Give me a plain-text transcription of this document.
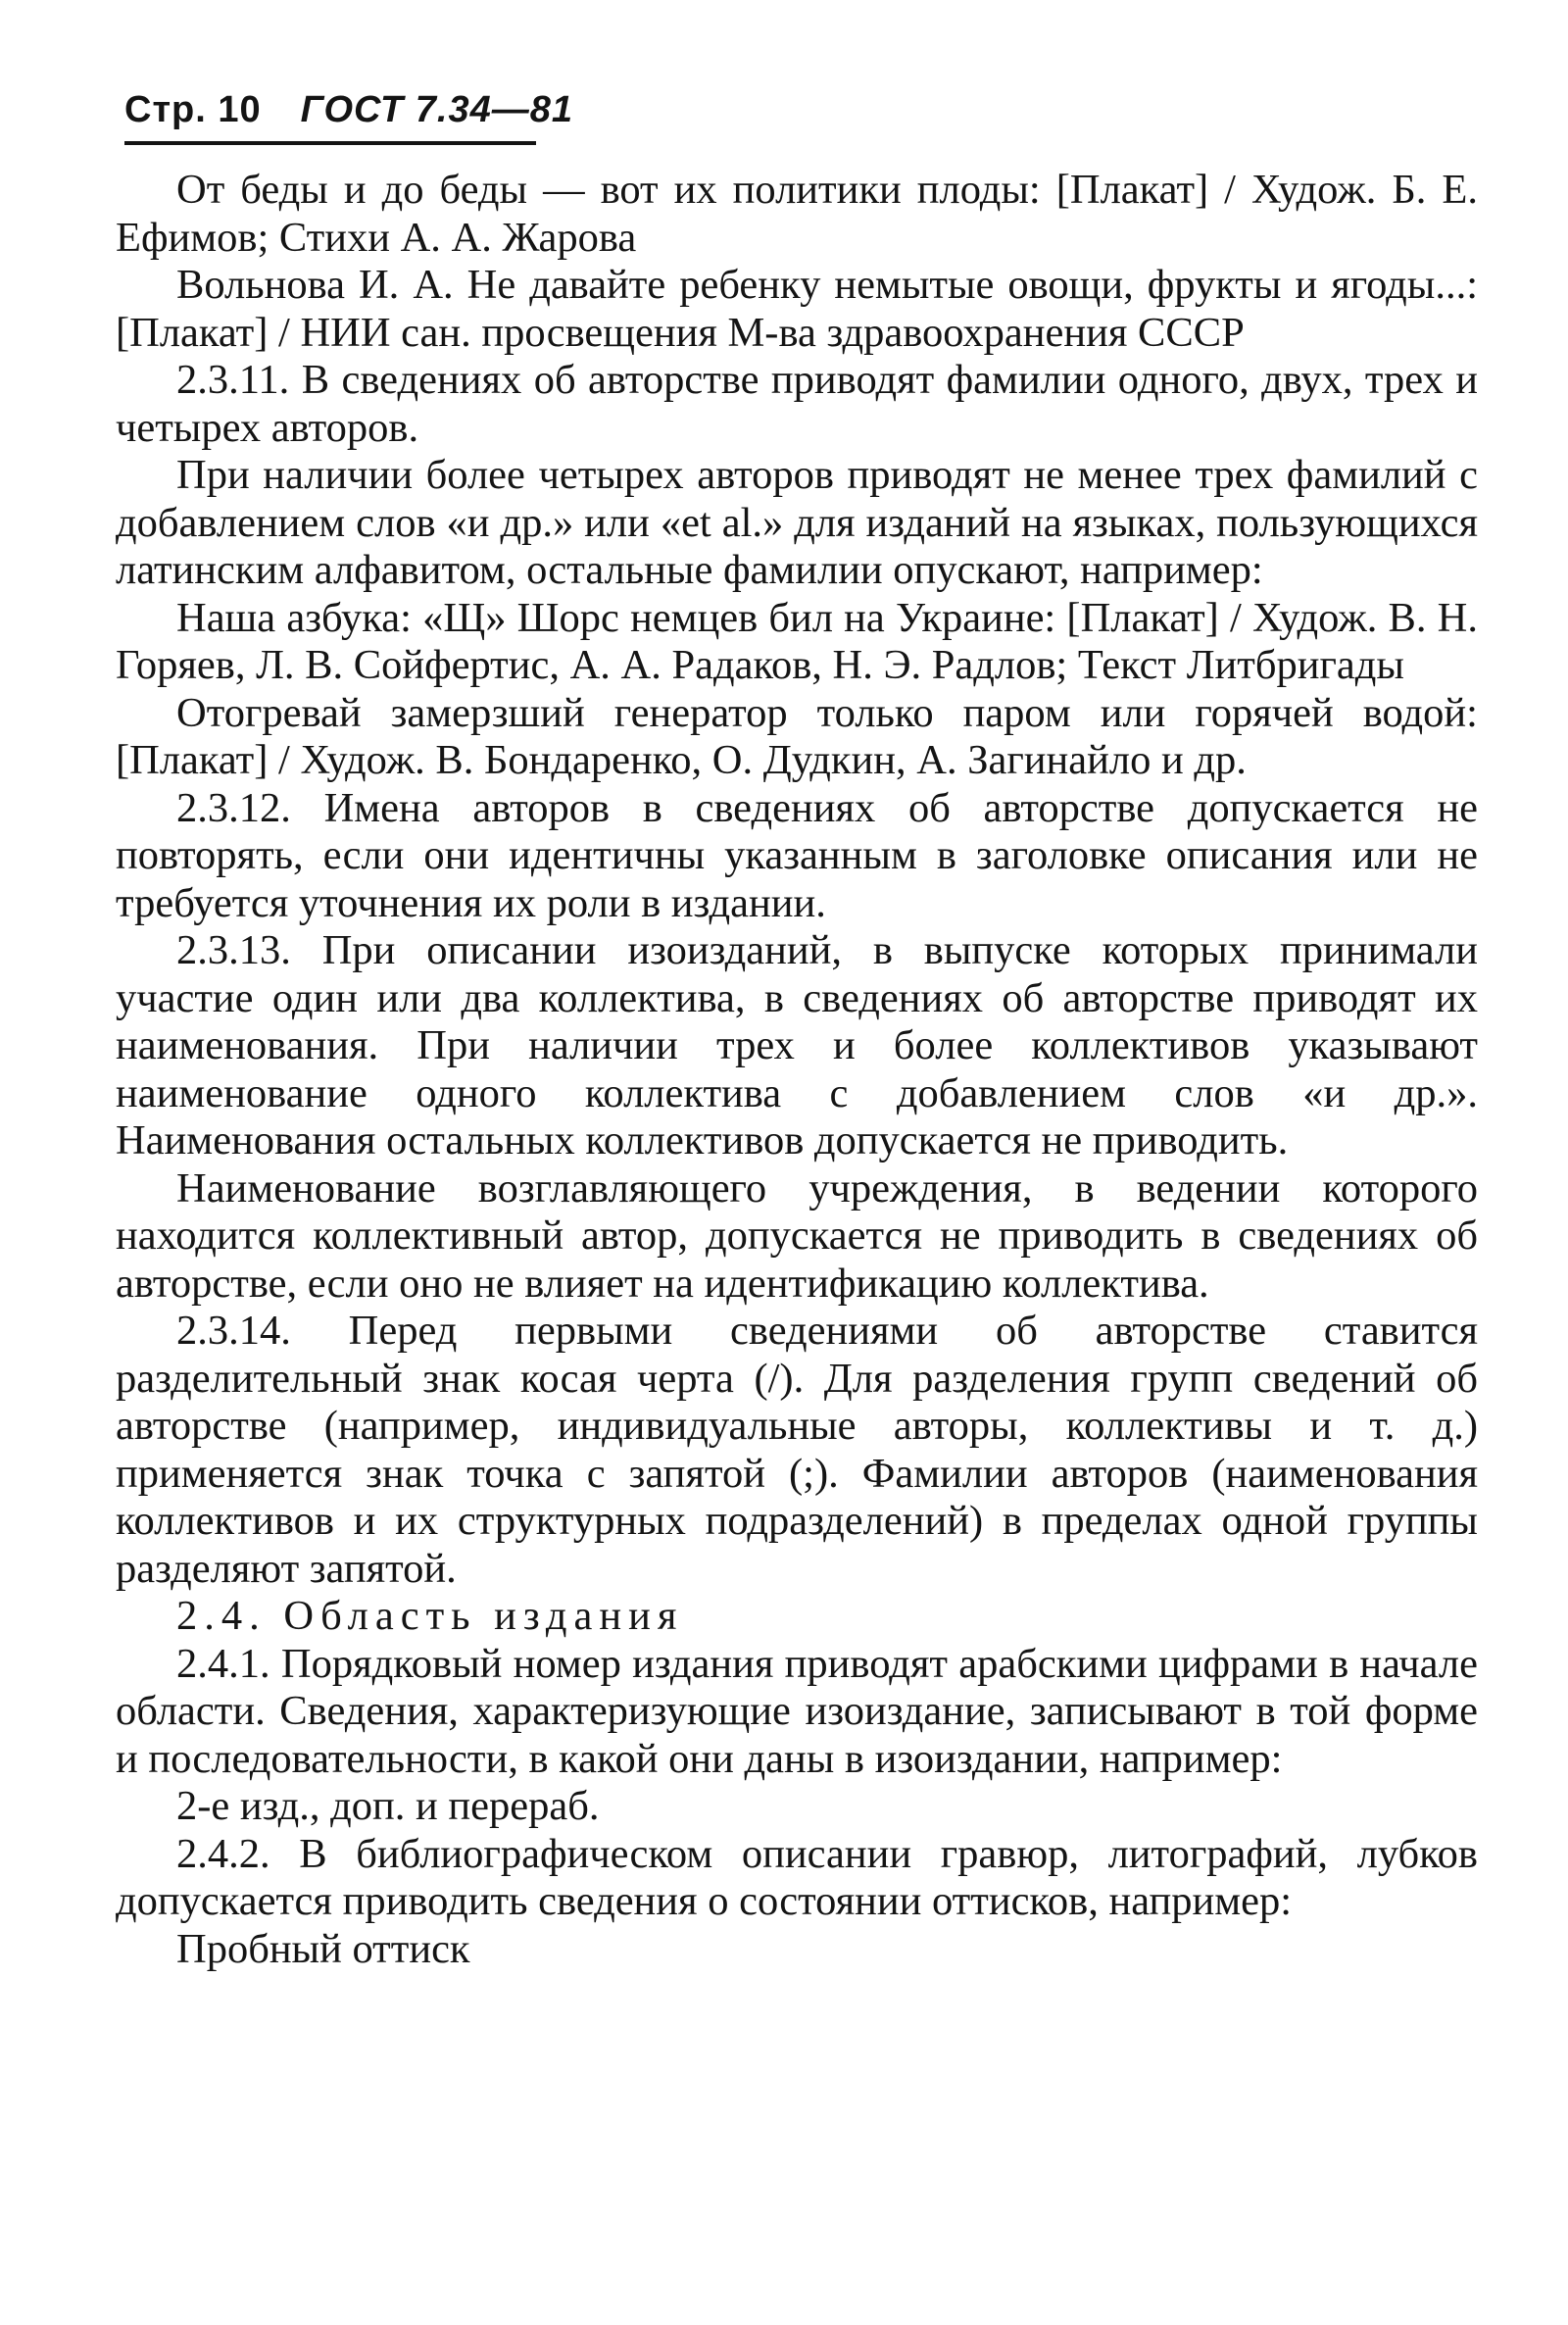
Стр. 10 ГОСТ 7.34—81

От беды и до беды — вот их политики плоды: [Плакат] / Худож. Б. Е. Ефимов; Стихи А. А. Жарова

Вольнова И. А. Не давайте ребенку немытые овощи, фрукты и ягоды...: [Плакат] / НИИ сан. просвещения М-ва здравоохранения СССР

2.3.11. В сведениях об авторстве приводят фамилии одного, двух, трех и четырех авторов.

При наличии более четырех авторов приводят не менее трех фамилий с добавлением слов «и др.» или «et al.» для изданий на языках, пользующихся латинским алфавитом, остальные фамилии опускают, например:

Наша азбука: «Щ» Шорс немцев бил на Украине: [Плакат] / Худож. В. Н. Горяев, Л. В. Сойфертис, А. А. Радаков, Н. Э. Радлов; Текст Литбригады

Отогревай замерзший генератор только паром или горячей водой: [Плакат] / Худож. В. Бондаренко, О. Дудкин, А. Загинайло и др.

2.3.12. Имена авторов в сведениях об авторстве допускается не повторять, если они идентичны указанным в заголовке описания или не требуется уточнения их роли в издании.

2.3.13. При описании изоизданий, в выпуске которых принимали участие один или два коллектива, в сведениях об авторстве приводят их наименования. При наличии трех и более коллективов указывают наименование одного коллектива с добавлением слов «и др.». Наименования остальных коллективов допускается не приводить.

Наименование возглавляющего учреждения, в ведении которого находится коллективный автор, допускается не приводить в сведениях об авторстве, если оно не влияет на идентификацию коллектива.

2.3.14. Перед первыми сведениями об авторстве ставится разделительный знак косая черта (/). Для разделения групп сведений об авторстве (например, индивидуальные авторы, коллективы и т. д.) применяется знак точка с запятой (;). Фамилии авторов (наименования коллективов и их структурных подразделений) в пределах одной группы разделяют запятой.

2.4. Область издания

2.4.1. Порядковый номер издания приводят арабскими цифрами в начале области. Сведения, характеризующие изоиздание, записывают в той форме и последовательности, в какой они даны в изоиздании, например:

2-е изд., доп. и перераб.

2.4.2. В библиографическом описании гравюр, литографий, лубков допускается приводить сведения о состоянии оттисков, например:

Пробный оттиск
